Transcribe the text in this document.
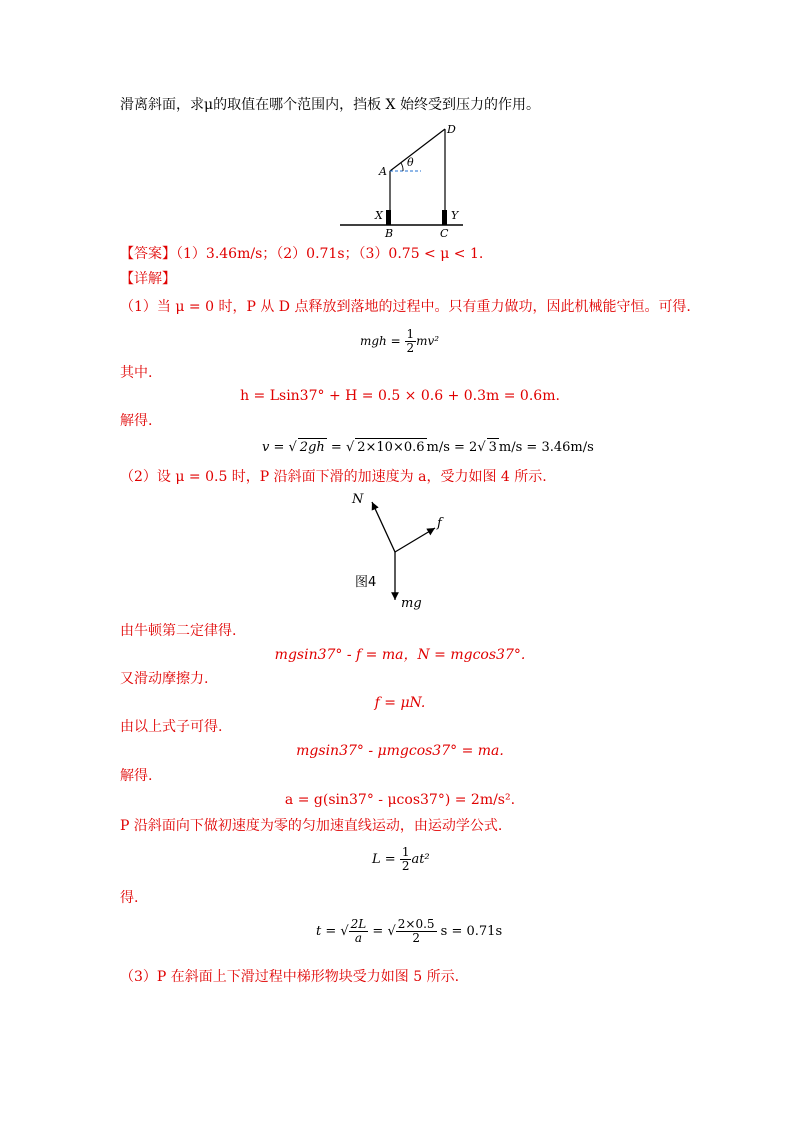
滑离斜面，求μ的取值在哪个范围内，挡板 X 始终受到压力的作用。
A
D
θ
X	Y
B	C
【答案】（1）3.46m/s；（2）0.71s；（3）0.75 < μ < 1.
【详解】
（1）当 μ = 0 时，P 从 D 点释放到落地的过程中。只有重力做功，因此机械能守恒。可得.
mgh = $\frac{1}{2} mv^2$
其中.
h = Lsin37° + H = 0.5 × 0.6 + 0.3m = 0.6m.
解得.
v = √ 2gh = √ 2×10×0.6 m/s = 2√ 3 m/s = 3.46m/s
（2）设 μ = 0.5 时，P 沿斜面下滑的加速度为 a，受力如图 4 所示.
N
f
mg
图4
由牛顿第二定律得.
mgsin37° - f = ma，N = mgcos37°.
又滑动摩擦力.
f = μN.
由以上式子可得.
mgsin37° - μmgcos37° = ma.
解得.
a = g(sin37° - μcos37°) = 2m/s².
P 沿斜面向下做初速度为零的匀加速直线运动，由运动学公式.
$L = \frac{1}{2} at^2$
得.
t = √ $\frac{2L}{a}$ = √ $\frac{2\times 0.5}{2}$ s = 0.71s
（3）P 在斜面上下滑过程中梯形物块受力如图 5 所示.
